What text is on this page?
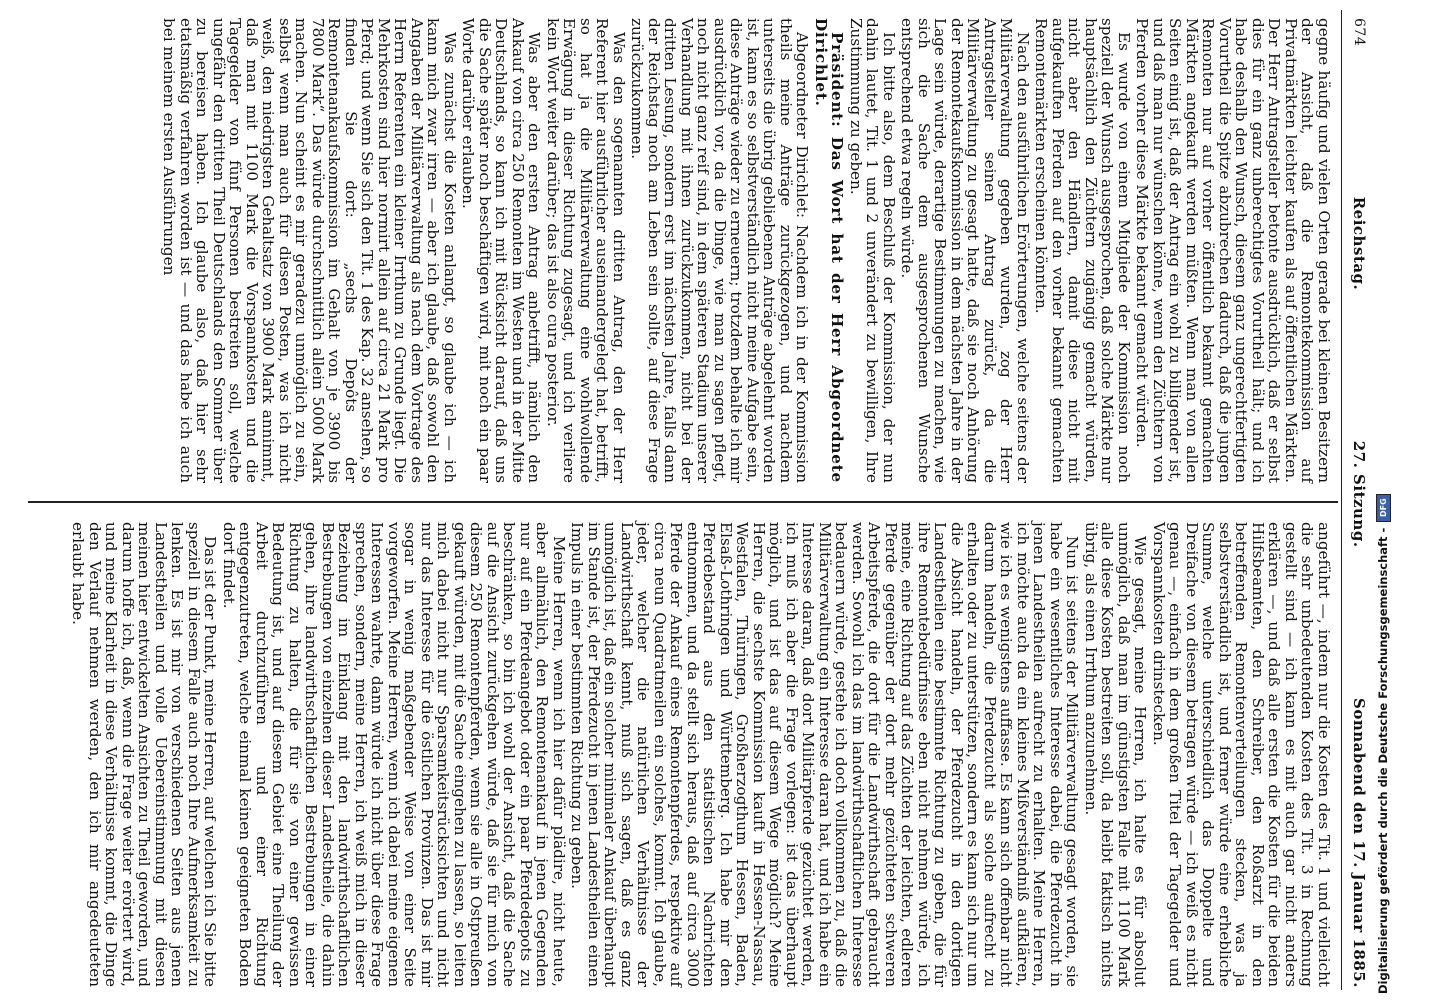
674
Reichstag.
27. Sitzung.
Sonnabend den 17. Januar 1885.

gegne häufig und vielen Orten gerade bei kleinen Besitzern der Ansicht, daß die Remontekommission auf Privatmärkten leichter kaufen als auf öffentlichen Märkten. Der Herr Antragsteller betonte ausdrücklich, daß er selbst dies für ein ganz unberechtigtes Vorurtheil hält; und ich habe deshalb den Wunsch, diesem ganz ungerechtfertigten Vorurtheil die Spitze abzubrechen dadurch, daß die jungen Remonten nur auf vorher öffentlich bekannt gemachten Märkten angekauft werden müßten. Wenn man von allen Seiten einig ist, daß der Antrag ein wohl zu billigender ist, und daß man nur wünschen könne, wenn den Züchtern von Pferden vorher diese Märkte bekannt gemacht würden.

Es wurde von einem Mitgliede der Kommission noch speziell der Wunsch ausgesprochen, daß solche Märkte nur hauptsächlich den Züchtern zugängig gemacht würden, nicht aber den Händlern, damit diese nicht mit aufgekauften Pferden auf den vorher bekannt gemachten Remontemärkten erscheinen könnten.

Nach den ausführlichen Erörterungen, welche seitens der Militärverwaltung gegeben wurden, zog der Herr Antragsteller seinen Antrag zurück, da die Militärverwaltung zu gesagt hatte, daß sie noch Anhörung der Remontekaufskommission in dem nächsten Jahre in der Lage sein würde, derartige Bestimmungen zu machen, wie sich die Sache dem ausgesprochenen Wunsche entsprechend etwa regeln würde.

Ich bitte also, dem Beschluß der Kommission, der nun dahin lautet, Tit. 1 und 2 unverändert zu bewilligen, Ihre Zustimmung zu geben.

Präsident: Das Wort hat der Herr Abgeordnete Dirichlet.

Abgeordneter Dirichlet: Nachdem ich in der Kommission theils meine Anträge zurückgezogen, und nachdem unterseits die übrig gebliebenen Anträge abgelehnt worden ist, kann es so selbstverständlich nicht meine Aufgabe sein, diese Anträge wieder zu erneuern; trotzdem behalte ich mir ausdrücklich vor, da die Dinge, wie man zu sagen pflegt, noch nicht ganz reif sind, in dem späteren Stadium unserer Verhandlung mit ihnen zurückzukommen, nicht bei der dritten Lesung, sondern erst im nächsten Jahre, falls dann der Reichstag noch am Leben sein sollte, auf diese Frage zurückzukommen.

Was den sogenannten dritten Antrag, den der Herr Referent hier ausführlicher auseinandergelegt hat, betrifft, so hat ja die Militärverwaltung eine wohlwollende Erwägung in dieser Richtung zugesagt, und ich verliere kein Wort weiter darüber; das ist also cura posterior.

Was aber den ersten Antrag anbetrifft, nämlich den Ankauf von circa 250 Remonten im Westen und in der Mitte Deutschlands, so kann ich mit Rücksicht darauf, daß uns die Sache später noch beschäftigen wird, mit noch ein paar Worte darüber erlauben.

Was zunächst die Kosten anlangt, so glaube ich — ich kann mich zwar irren — aber ich glaube, daß sowohl den Angaben der Militärverwaltung als nach dem Vortrage des Herrn Referenten ein kleiner Irrthum zu Grunde liegt. Die Mehrkosten sind hier normirt allein auf circa 21 Mark pro Pferd; und wenn Sie sich den Tit. 1 des Kap. 32 ansehen, so finden Sie dort: „sechs Depôts der Remontenankaufskommission im Gehalt von je 3900 bis 7800 Mark“. Das würde durchschnittlich allein 5000 Mark machen. Nun scheint es mir geradezu unmöglich zu sein, selbst wenn man auch für diesen Posten, was ich nicht weiß, den niedrigsten Gehaltsatz von 3900 Mark annimmt, daß man mit 1100 Mark die Vorspannkosten und die Tagegelder von fünf Personen bestreiten soll, welche ungefähr den dritten Theil Deutschlands den Sommer über zu bereisen haben. Ich glaube also, daß hier sehr etatsmäßig verfahren worden ist — und das habe ich auch bei meinem ersten Ausführungen

angeführt —, indem nur die Kosten des Tit. 1 und vielleicht die sehr unbedeutenden Kosten des Tit. 3 in Rechnung gestellt sind — ich kann es mit auch gar nicht anders erklären —, und daß alle ersten die Kosten für die beiden Hilfsbeamten, den Schreiber, den Roßarzt in den betreffenden Remontenverteilungen stecken, was ja selbstverständlich ist, und ferner würde eine erhebliche Summe, welche unterschiedlich das Doppelte und Dreifache von diesem betragen würde — ich weiß es nicht genau —, einfach in dem großen Titel der Tagegelder und Vorspannkosten drinstecken.

Wie gesagt, meine Herren, ich halte es für absolut unmöglich, daß man im günstigsten Falle mit 1100 Mark alle diese Kosten bestreiten soll, da bleibt faktisch nichts übrig, als einen Irrthum anzunehmen.

Nun ist seitens der Militärverwaltung gesagt worden, sie habe ein wesentliches Interesse dabei, die Pferdezucht in jenen Landestheilen aufrecht zu erhalten. Meine Herren, ich möchte auch da ein kleines Mißverständniß aufklären, wie ich es wenigstens auffasse. Es kann sich offenbar nicht darum handeln, die Pferdezucht als solche aufrecht zu erhalten oder zu unterstützen, sondern es kann sich nur um die Absicht handeln, der Pferdezucht in den dortigen Landestheilen eine bestimmte Richtung zu geben, die für ihre Remontebedürfnisse eben nicht nehmen würde, ich meine, eine Richtung auf das Züchten der leichten, edleren Pferde gegenüber der dort mehr gezüchteten schweren Arbeitspferde, die dort für die Landwirthschaft gebraucht werden. Sowohl ich das im landwirthschaftlichen Interesse bedauern würde, gestehe ich doch vollkommen zu, daß die Militärverwaltung ein Interesse daran hat, und ich habe ein Interesse daran, daß dort Militärpferde gezüchtet werden, ich muß ich aber die Frage vorlegen: ist das überhaupt möglich, und ist das auf diesem Wege möglich? Meine Herren, die sechste Kommission kauft in Hessen-Nassau, Westfalen, Thüringen, Großherzogthum Hessen, Baden, Elsaß-Lothringen und Württemberg. Ich habe mir den Pferdebestand aus den statistischen Nachrichten entnommen, und da stellt sich heraus, daß auf circa 3000 Pferde der Ankauf eines Remontenpferdes, respektive auf circa neun Quadratmeilen ein solches, kommt. Ich glaube, jeder, welcher die natürlichen Verhältnisse der Landwirthschaft kennt, muß sich sagen, daß es ganz unmöglich ist, daß ein solcher minimaler Ankauf überhaupt im Stande ist, der Pferdezucht in jenen Landestheilen einen Impuls in einer bestimmten Richtung zu geben.

Meine Herren, wenn ich hier dafür plädire, nicht heute, aber allmählich, den Remontenankauf in jenen Gegenden nur auf ein Pferdeangebot oder ein paar Pferdedepots zu beschränken, so bin ich wohl der Ansicht, daß die Sache auf die Ansicht zurückgehen würde, daß sie für mich von diesem 250 Remontenpferden, wenn sie alle in Ostpreußen gekauft würden, mit die Sache eingehen zu lassen, so leiten mich dabei nicht nur Sparsamkeitsrücksichten und nicht nur das Interesse für die östlichen Provinzen. Das ist mir sogar in wenig maßgebender Weise von einer Seite vorgeworfen. Meine Herren, wenn ich dabei meine eigenen Interessen wahrte, dann würde ich nicht über diese Frage sprechen, sondern, meine Herren, ich weiß mich in dieser Beziehung im Einklang mit den landwirthschaftlichen Bestrebungen von einzelnen dieser Landestheile, die dahin gehen, ihre landwirthschaftlichen Bestrebungen in einer Richtung zu halten, die für sie von einer gewissen Bedeutung ist, und auf diesem Gebiet eine Theilung der Arbeit durchzuführen und einer Richtung entgegenzutreten, welche einmal keinen geeigneten Boden dort findet.

Das ist der Punkt, meine Herren, auf welchen ich Sie bitte speziell in diesem Falle auch noch Ihre Aufmerksamkeit zu lenken. Es ist mir von verschiedenen Seiten aus jenen Landestheilen und volle Uebereinstimmung mit diesen meinen hier entwickelten Ansichten zu Theil geworden, und darum hoffe ich, daß, wenn die Frage weiter erörtert wird, und meine Klarheit in diese Verhältnisse kommt, die Dinge den Verlauf nehmen werden, den ich mir angedeuteten erlaubt habe.	Digitalisierung gefördert durch die Deutsche Forschungsgemeinschaft -
DFG
